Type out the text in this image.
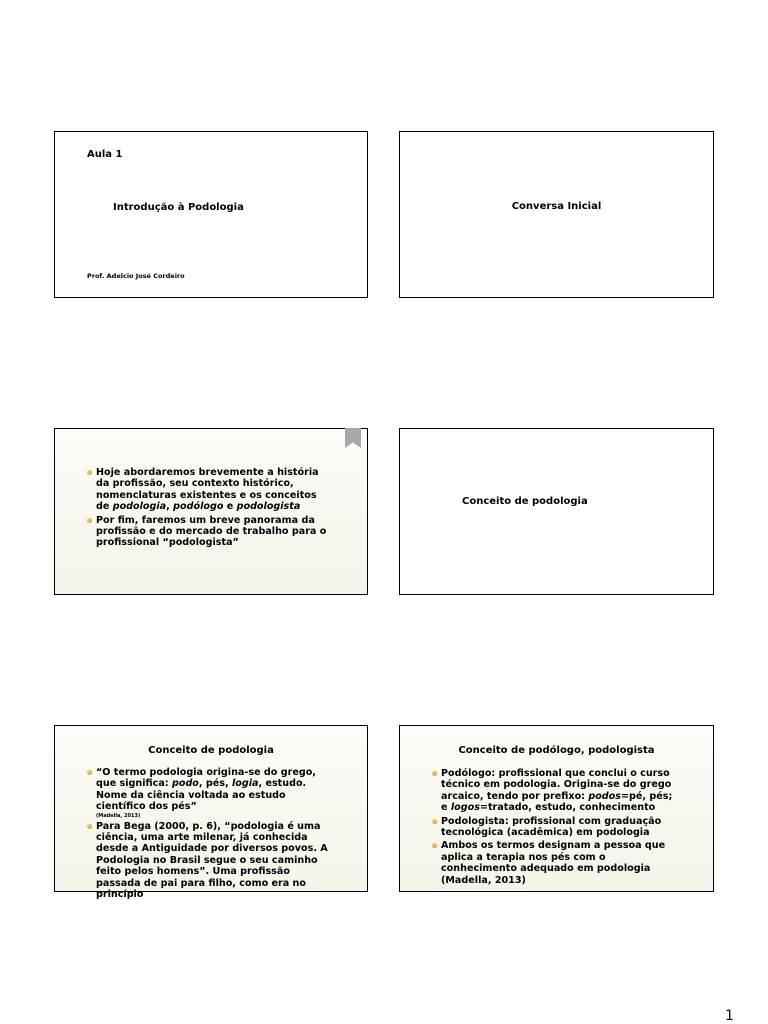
Aula 1
Introdução à Podologia
Prof. Adelcio José Cordeiro
Conversa Inicial
Hoje abordaremos brevemente a história da profissão, seu contexto histórico, nomenclaturas existentes e os conceitos de podologia, podólogo e podologista
Por fim, faremos um breve panorama da profissão e do mercado de trabalho para o profissional “podologista”
Conceito de podologia
Conceito de podologia
“O termo podologia origina-se do grego, que significa: podo, pés, logia, estudo. Nome da ciência voltada ao estudo científico dos pés”
(Madella, 2013)
Para Bega (2000, p. 6), “podologia é uma ciência, uma arte milenar, já conhecida desde a Antiguidade por diversos povos. A Podologia no Brasil segue o seu caminho feito pelos homens”. Uma profissão passada de pai para filho, como era no princípio
Conceito de podólogo, podologista
Podólogo: profissional que conclui o curso técnico em podologia. Origina-se do grego arcaico, tendo por prefixo: podos=pé, pés; e logos=tratado, estudo, conhecimento
Podologista: profissional com graduação tecnológica (acadêmica) em podologia
Ambos os termos designam a pessoa que aplica a terapia nos pés com o conhecimento adequado em podologia (Madella, 2013)
1
